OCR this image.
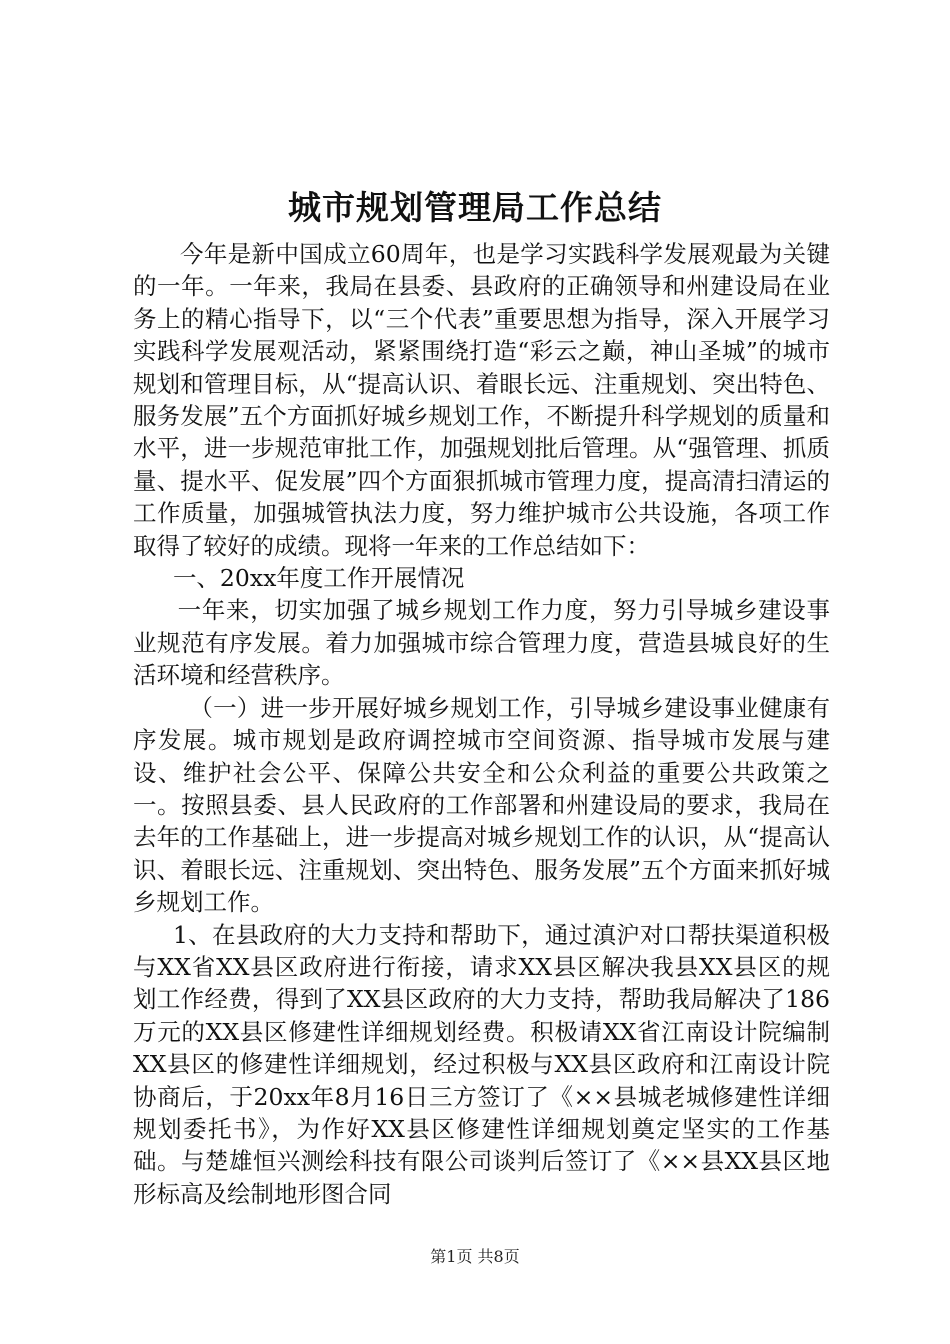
城市规划管理局工作总结

今年是新中国成立60周年，也是学习实践科学发展观最为关键的一年。一年来，我局在县委、县政府的正确领导和州建设局在业务上的精心指导下，以“三个代表”重要思想为指导，深入开展学习实践科学发展观活动，紧紧围绕打造“彩云之巅，神山圣城”的城市规划和管理目标，从“提高认识、着眼长远、注重规划、突出特色、服务发展”五个方面抓好城乡规划工作，不断提升科学规划的质量和水平，进一步规范审批工作，加强规划批后管理。从“强管理、抓质量、提水平、促发展”四个方面狠抓城市管理力度，提高清扫清运的工作质量，加强城管执法力度，努力维护城市公共设施，各项工作取得了较好的成绩。现将一年来的工作总结如下：

一、20xx年度工作开展情况

一年来，切实加强了城乡规划工作力度，努力引导城乡建设事业规范有序发展。着力加强城市综合管理力度，营造县城良好的生活环境和经营秩序。

（一）进一步开展好城乡规划工作，引导城乡建设事业健康有序发展。城市规划是政府调控城市空间资源、指导城市发展与建设、维护社会公平、保障公共安全和公众利益的重要公共政策之一。按照县委、县人民政府的工作部署和州建设局的要求，我局在去年的工作基础上，进一步提高对城乡规划工作的认识，从“提高认识、着眼长远、注重规划、突出特色、服务发展”五个方面来抓好城乡规划工作。

1、在县政府的大力支持和帮助下，通过滇沪对口帮扶渠道积极与XX省XX县区政府进行衔接，请求XX县区解决我县XX县区的规划工作经费，得到了XX县区政府的大力支持，帮助我局解决了186万元的XX县区修建性详细规划经费。积极请XX省江南设计院编制XX县区的修建性详细规划，经过积极与XX县区政府和江南设计院协商后，于20xx年8月16日三方签订了《××县城老城修建性详细规划委托书》，为作好XX县区修建性详细规划奠定坚实的工作基础。与楚雄恒兴测绘科技有限公司谈判后签订了《××县XX县区地形标高及绘制地形图合同

第1页 共8页
